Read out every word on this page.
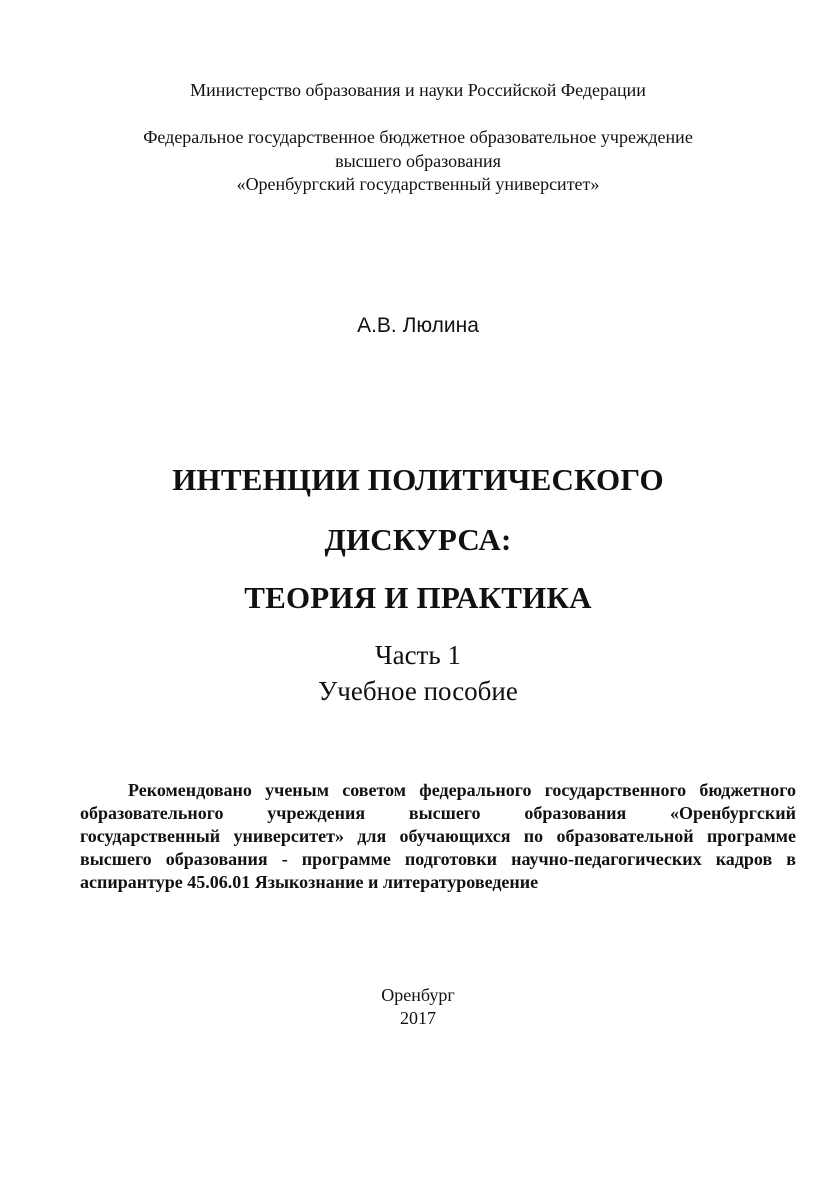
Министерство образования и науки Российской Федерации
Федеральное государственное бюджетное образовательное учреждение
высшего образования
«Оренбургский государственный университет»
А.В. Люлина
ИНТЕНЦИИ ПОЛИТИЧЕСКОГО
ДИСКУРСА:
ТЕОРИЯ И ПРАКТИКА
Часть 1
Учебное пособие
Рекомендовано ученым советом федерального государственного бюджетного
образовательного учреждения высшего образования «Оренбургский
государственный университет» для обучающихся по образовательной программе
высшего образования - программе подготовки научно-педагогических кадров в
аспирантуре 45.06.01 Языкознание и литературоведение
Оренбург
2017
